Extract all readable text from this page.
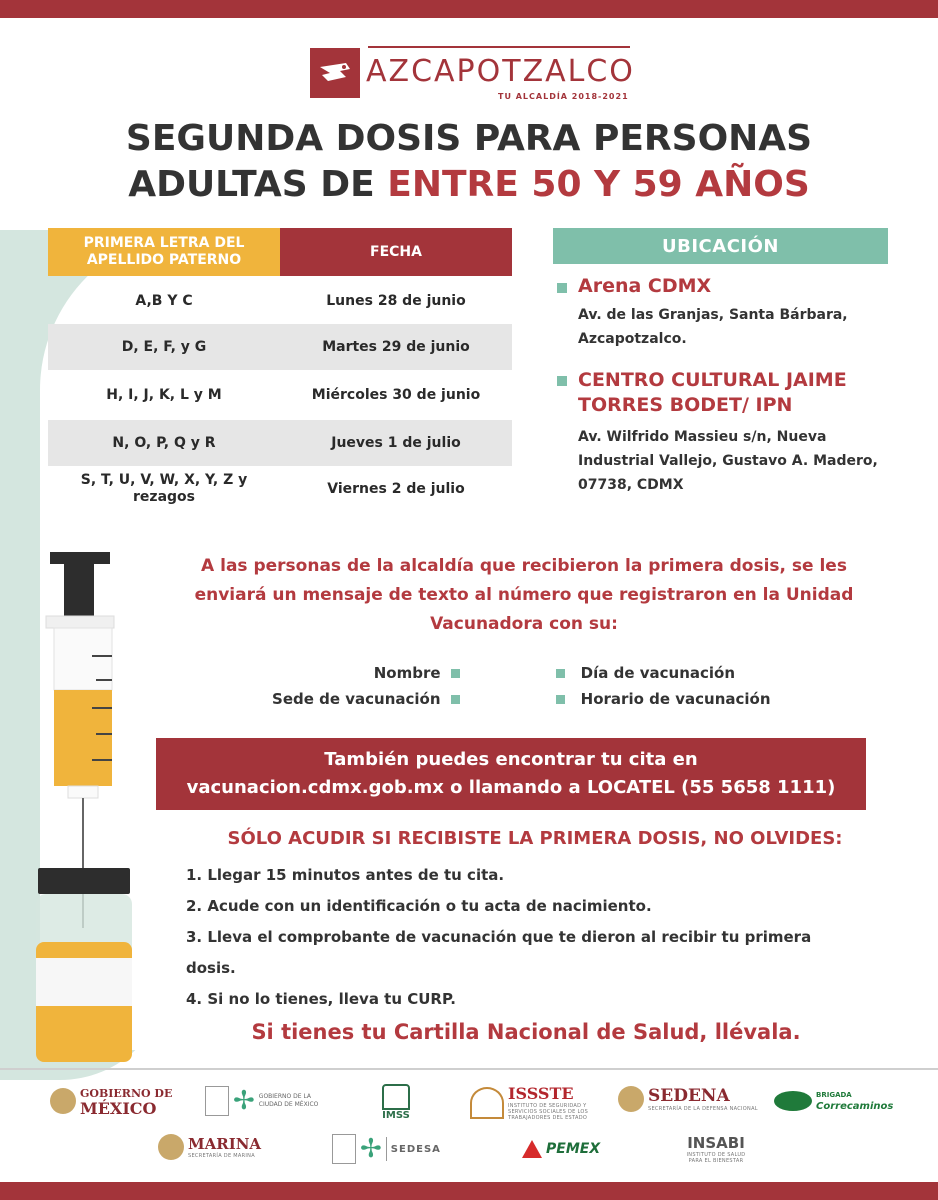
AZCAPOTZALCO
TU ALCALDÍA 2018-2021
SEGUNDA DOSIS PARA PERSONAS
ADULTAS DE ENTRE 50 Y 59 AÑOS
PRIMERA LETRA DEL APELLIDO PATERNO
FECHA
A,B Y C	Lunes 28 de junio
D, E, F, y G	Martes 29 de junio
H, I, J, K, L y M	Miércoles 30 de junio
N, O, P, Q y R	Jueves 1 de julio
S, T, U, V, W, X, Y, Z y rezagos	Viernes 2 de julio
UBICACIÓN
Arena CDMX
Av. de las Granjas, Santa Bárbara, Azcapotzalco.
CENTRO CULTURAL JAIME TORRES BODET/ IPN
Av. Wilfrido Massieu s/n, Nueva Industrial Vallejo, Gustavo A. Madero, 07738, CDMX
A las personas de la alcaldía que recibieron la primera dosis, se les enviará un mensaje de texto al número que registraron en la Unidad Vacunadora con su:
Nombre

Sede de vacunación

Día de vacunación

Horario de vacunación
También puedes encontrar tu cita en
vacunacion.cdmx.gob.mx o llamando a LOCATEL (55 5658 1111)
SÓLO ACUDIR SI RECIBISTE LA PRIMERA DOSIS, NO OLVIDES:
1. Llegar 15 minutos antes de tu cita.
2. Acude con un identificación o tu acta de nacimiento.
3. Lleva el comprobante de vacunación que te dieron al recibir tu primera dosis.
4. Si no lo tienes, lleva tu CURP.
Si tienes tu Cartilla Nacional de Salud, llévala.
GOBIERNO DE
MÉXICO	✢ GOBIERNO DE LA CIUDAD DE MÉXICO
IMSS
ISSSTE
INSTITUTO DE SEGURIDAD Y SERVICIOS SOCIALES DE LOS TRABAJADORES DEL ESTADO
SEDENA
SECRETARÍA DE LA DEFENSA NACIONAL
BRIGADA
Correcaminos
MARINA
SECRETARÍA DE MARINA	✢ SEDESA	PEMEX	INSABI
INSTITUTO DE SALUD PARA EL BIENESTAR
